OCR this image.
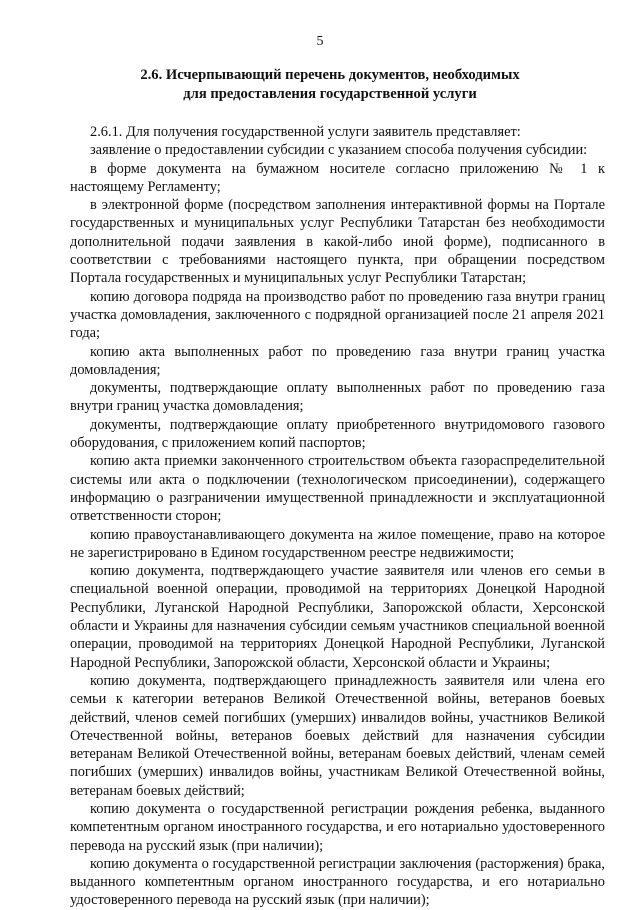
5
2.6. Исчерпывающий перечень документов, необходимых
для предоставления государственной услуги

2.6.1. Для получения государственной услуги заявитель представляет:

заявление о предоставлении субсидии с указанием способа получения субсидии:

в форме документа на бумажном носителе согласно приложению № 1 к настоящему Регламенту;

в электронной форме (посредством заполнения интерактивной формы на Портале государственных и муниципальных услуг Республики Татарстан без необходимости дополнительной подачи заявления в какой-либо иной форме), подписанного в соответствии с требованиями настоящего пункта, при обращении посредством Портала государственных и муниципальных услуг Республики Татарстан;

копию договора подряда на производство работ по проведению газа внутри границ участка домовладения, заключенного с подрядной организацией после 21 апреля 2021 года;

копию акта выполненных работ по проведению газа внутри границ участка домовладения;

документы, подтверждающие оплату выполненных работ по проведению газа внутри границ участка домовладения;

документы, подтверждающие оплату приобретенного внутридомового газового оборудования, с приложением копий паспортов;

копию акта приемки законченного строительством объекта газораспределительной системы или акта о подключении (технологическом присоединении), содержащего информацию о разграничении имущественной принадлежности и эксплуатационной ответственности сторон;

копию правоустанавливающего документа на жилое помещение, право на которое не зарегистрировано в Едином государственном реестре недвижимости;

копию документа, подтверждающего участие заявителя или членов его семьи в специальной военной операции, проводимой на территориях Донецкой Народной Республики, Луганской Народной Республики, Запорожской области, Херсонской области и Украины для назначения субсидии семьям участников специальной военной операции, проводимой на территориях Донецкой Народной Республики, Луганской Народной Республики, Запорожской области, Херсонской области и Украины;

копию документа, подтверждающего принадлежность заявителя или члена его семьи к категории ветеранов Великой Отечественной войны, ветеранов боевых действий, членов семей погибших (умерших) инвалидов войны, участников Великой Отечественной войны, ветеранов боевых действий для назначения субсидии ветеранам Великой Отечественной войны, ветеранам боевых действий, членам семей погибших (умерших) инвалидов войны, участникам Великой Отечественной войны, ветеранам боевых действий;

копию документа о государственной регистрации рождения ребенка, выданного компетентным органом иностранного государства, и его нотариально удостоверенного перевода на русский язык (при наличии);

копию документа о государственной регистрации заключения (расторжения) брака, выданного компетентным органом иностранного государства, и его нотариально удостоверенного перевода на русский язык (при наличии);
